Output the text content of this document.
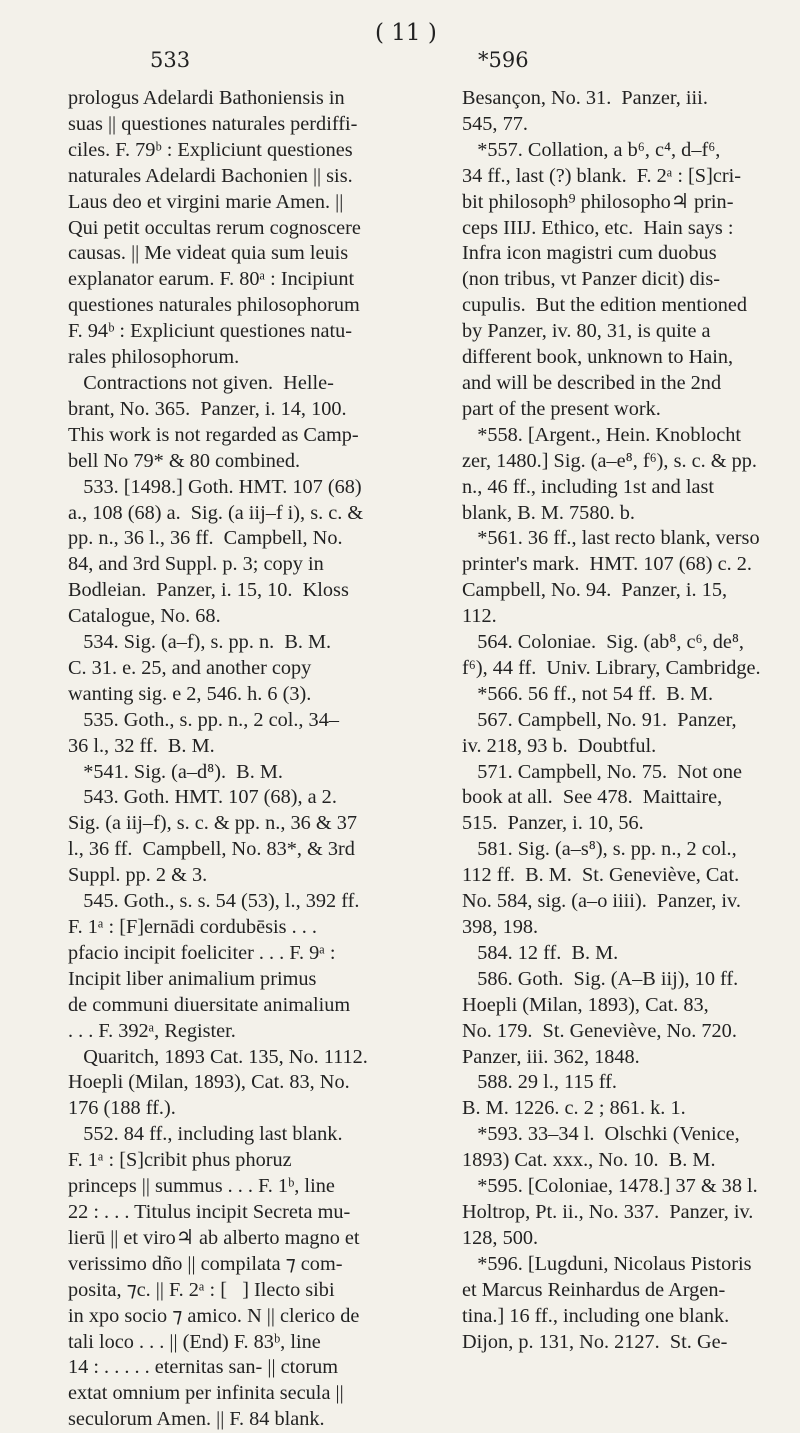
533
( 11 )
*596

prologus Adelardi Bathoniensis in
suas || questiones naturales perdiffi-
ciles. F. 79ᵇ : Expliciunt questiones
naturales Adelardi Bachonien || sis.
Laus deo et virgini marie Amen. ||
Qui petit occultas rerum cognoscere
causas. || Me videat quia sum leuis
explanator earum. F. 80ᵃ : Incipiunt
questiones naturales philosophorum
F. 94ᵇ : Expliciunt questiones natu-
rales philosophorum.

Contractions not given.  Helle-
brant, No. 365.  Panzer, i. 14, 100.
This work is not regarded as Camp-
bell No 79* & 80 combined.

533. [1498.] Goth. HMT. 107 (68)
a., 108 (68) a.  Sig. (a iij–f i), s. c. &
pp. n., 36 l., 36 ff.  Campbell, No.
84, and 3rd Suppl. p. 3; copy in
Bodleian.  Panzer, i. 15, 10.  Kloss
Catalogue, No. 68.

534. Sig. (a–f), s. pp. n.  B. M.
C. 31. e. 25, and another copy
wanting sig. e 2, 546. h. 6 (3).

535. Goth., s. pp. n., 2 col., 34–
36 l., 32 ff.  B. M.

*541. Sig. (a–d⁸).  B. M.

543. Goth. HMT. 107 (68), a 2.
Sig. (a iij–f), s. c. & pp. n., 36 & 37
l., 36 ff.  Campbell, No. 83*, & 3rd
Suppl. pp. 2 & 3.

545. Goth., s. s. 54 (53), l., 392 ff.
F. 1ᵃ : [F]ernādi cordubēsis . . .
pfacio incipit foeliciter . . . F. 9ᵃ :
Incipit liber animalium primus
de communi diuersitate animalium
. . . F. 392ᵃ, Register.
Quaritch, 1893 Cat. 135, No. 1112.
Hoepli (Milan, 1893), Cat. 83, No.
176 (188 ff.).

552. 84 ff., including last blank.
F. 1ᵃ : [S]cribit phus phoruz
princeps || summus . . . F. 1ᵇ, line
22 : . . . Titulus incipit Secreta mu-
lierū || et viro♃ ab alberto magno et
verissimo dño || compilata ⁊ com-
posita, ⁊c. || F. 2ᵃ : [   ] Ilecto sibi
in xpo socio ⁊ amico. N || clerico de
tali loco . . . || (End) F. 83ᵇ, line
14 : . . . . . eternitas san- || ctorum
extat omnium per infinita secula ||
seculorum Amen. || F. 84 blank.

Besançon, No. 31.  Panzer, iii.
545, 77.

*557. Collation, a b⁶, c⁴, d–f⁶,
34 ff., last (?) blank.  F. 2ᵃ : [S]cri-
bit philosoph⁹ philosopho♃ prin-
ceps IIIJ. Ethico, etc.  Hain says :
Infra icon magistri cum duobus
(non tribus, vt Panzer dicit) dis-
cupulis.  But the edition mentioned
by Panzer, iv. 80, 31, is quite a
different book, unknown to Hain,
and will be described in the 2nd
part of the present work.

*558. [Argent., Hein. Knoblocht
zer, 1480.] Sig. (a–e⁸, f⁶), s. c. & pp.
n., 46 ff., including 1st and last
blank, B. M. 7580. b.

*561. 36 ff., last recto blank, verso
printer's mark.  HMT. 107 (68) c. 2.
Campbell, No. 94.  Panzer, i. 15,
112.

564. Coloniae.  Sig. (ab⁸, c⁶, de⁸,
f⁶), 44 ff.  Univ. Library, Cambridge.

*566. 56 ff., not 54 ff.  B. M.

567. Campbell, No. 91.  Panzer,
iv. 218, 93 b.  Doubtful.

571. Campbell, No. 75.  Not one
book at all.  See 478.  Maittaire,
515.  Panzer, i. 10, 56.

581. Sig. (a–s⁸), s. pp. n., 2 col.,
112 ff.  B. M.  St. Geneviève, Cat.
No. 584, sig. (a–o iiii).  Panzer, iv.
398, 198.

584. 12 ff.  B. M.

586. Goth.  Sig. (A–B iij), 10 ff.
Hoepli (Milan, 1893), Cat. 83,
No. 179.  St. Geneviève, No. 720.
Panzer, iii. 362, 1848.

588. 29 l., 115 ff.
B. M. 1226. c. 2 ; 861. k. 1.

*593. 33–34 l.  Olschki (Venice,
1893) Cat. xxx., No. 10.  B. M.

*595. [Coloniae, 1478.] 37 & 38 l.
Holtrop, Pt. ii., No. 337.  Panzer, iv.
128, 500.

*596. [Lugduni, Nicolaus Pistoris
et Marcus Reinhardus de Argen-
tina.] 16 ff., including one blank.
Dijon, p. 131, No. 2127.  St. Ge-
